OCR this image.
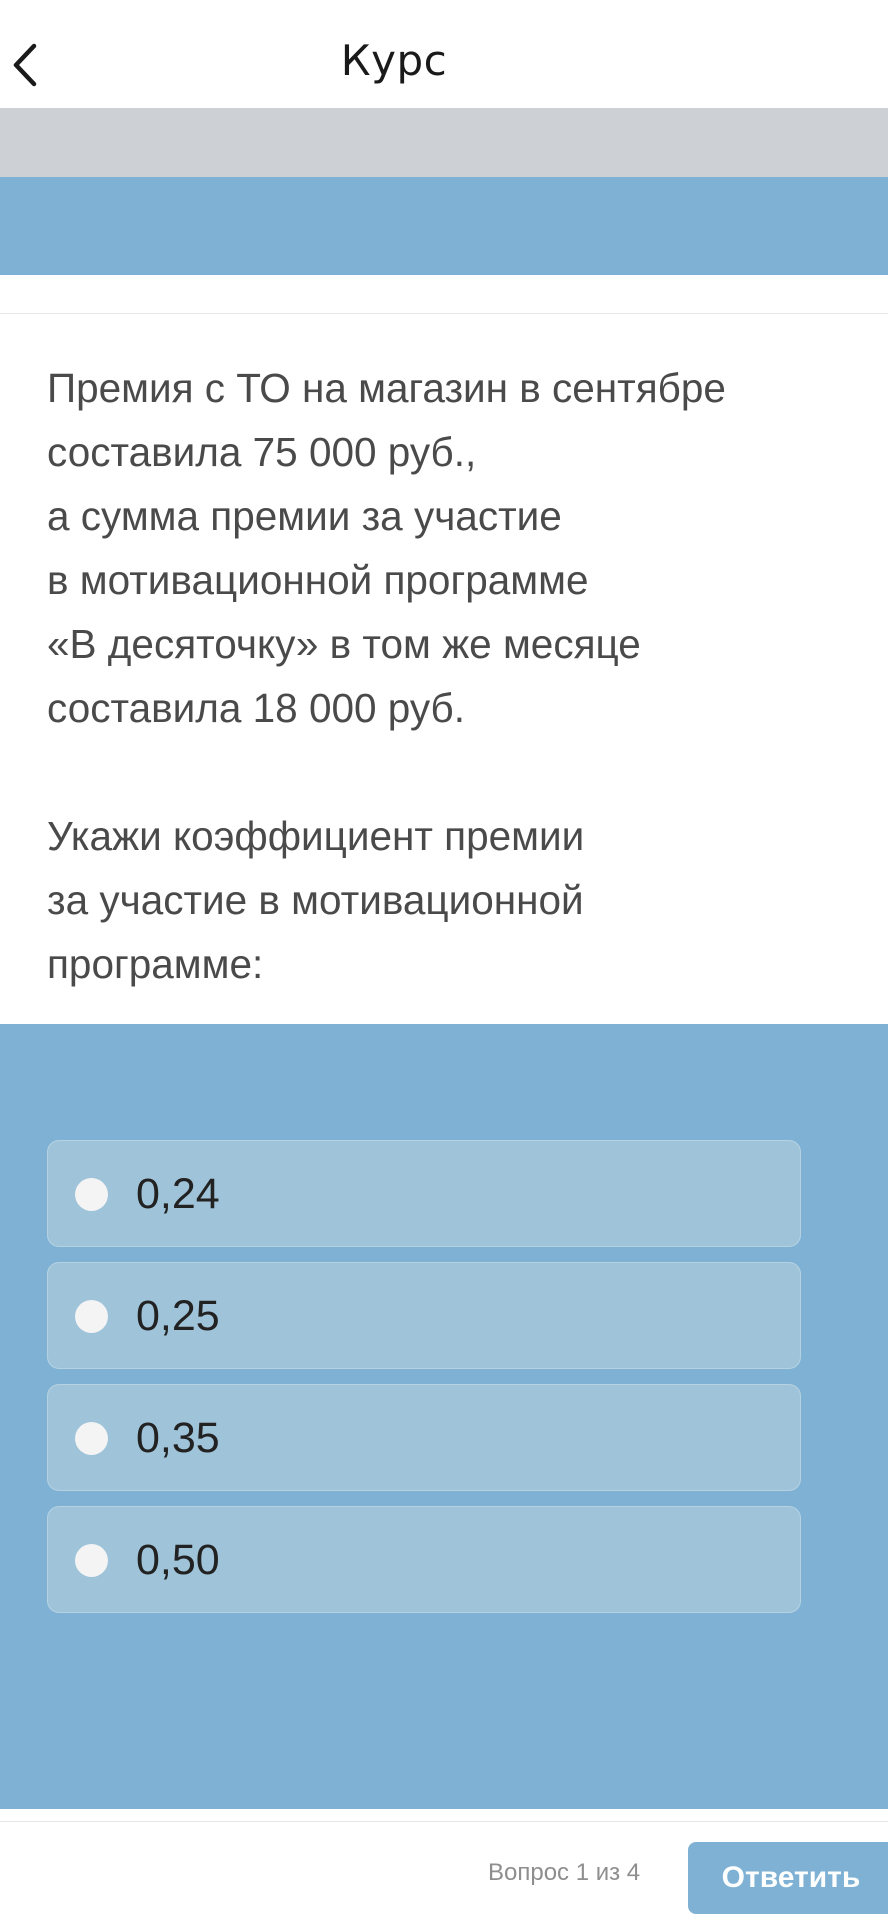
Курс

Премия с ТО на магазин в сентябре

составила 75 000 руб.,

а сумма премии за участие

в мотивационной программе

«В десяточку» в том же месяце

составила 18 000 руб.

Укажи коэффициент премии

за участие в мотивационной

программе:

0,24
0,25
0,35
0,50
Вопрос 1 из 4	Ответить
